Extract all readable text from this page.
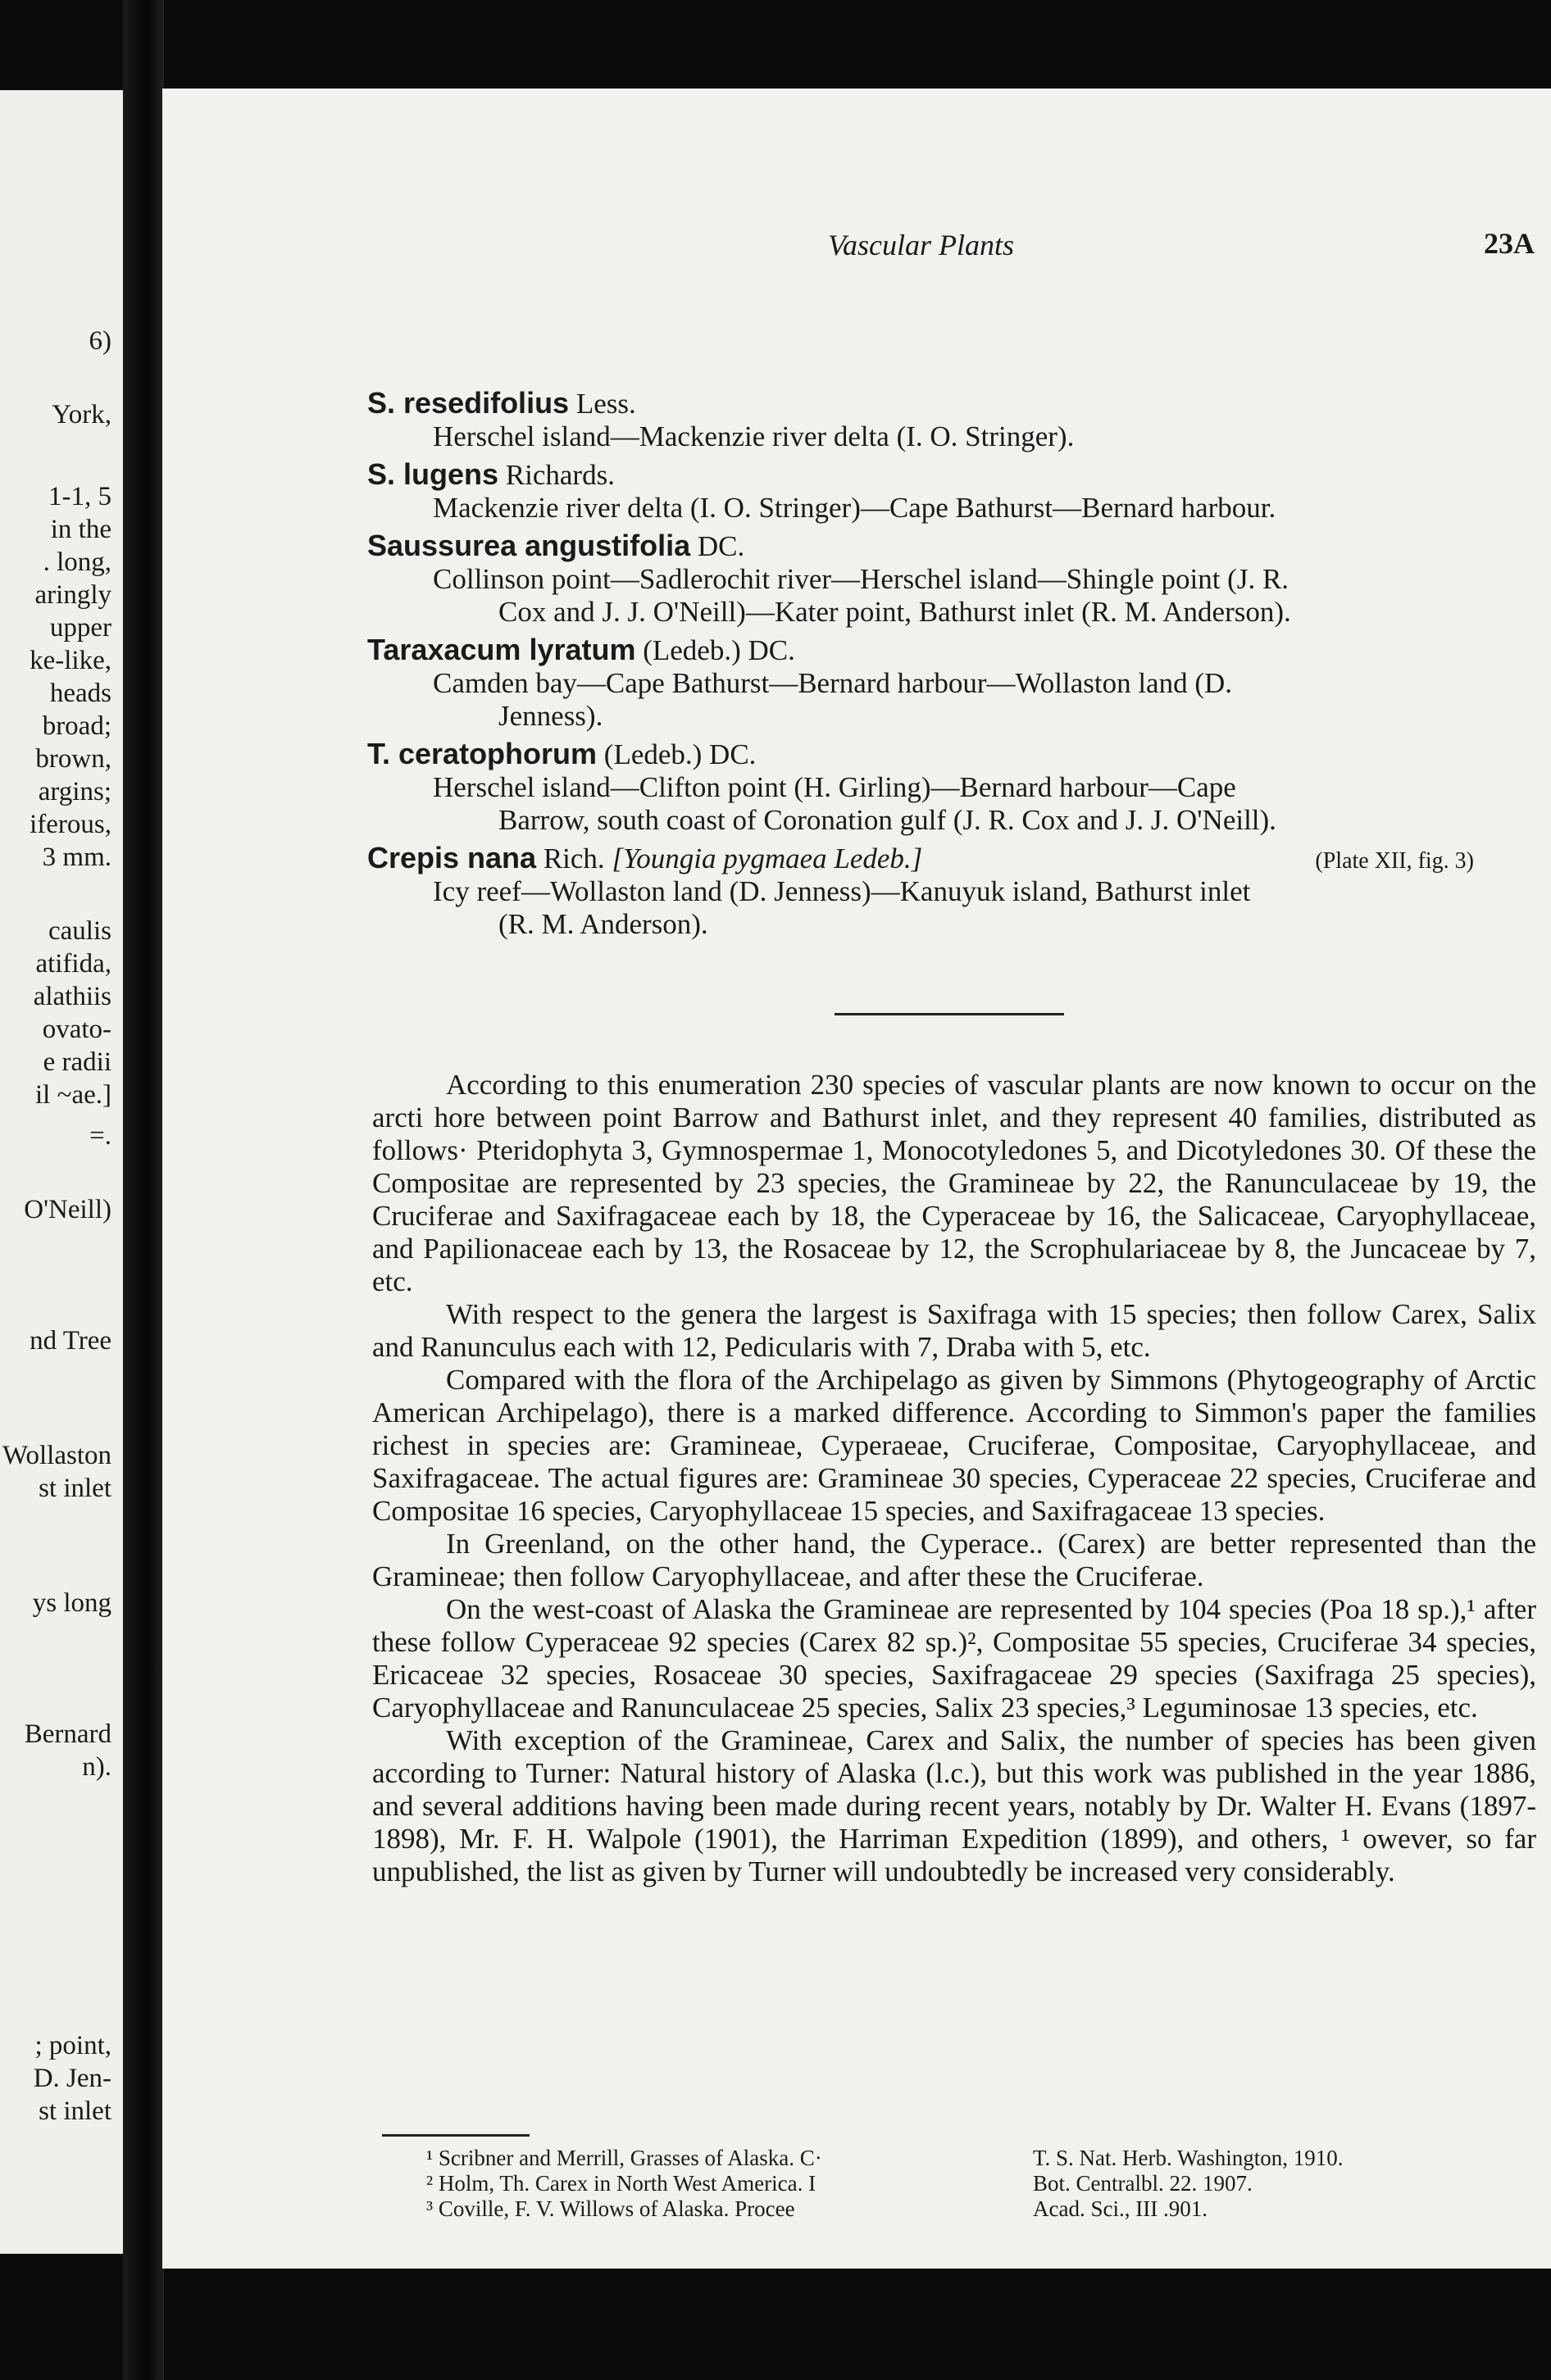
6)
York,
1-1, 5
in the
. long,
aringly
upper
ke-like,
heads
broad;
brown,
argins;
iferous,
3 mm.
caulis
atifida,
alathiis
ovato-
e radii
il ~ae.]
=.
O'Neill)
nd Tree
Wollaston
st inlet
ys long
Bernard
n).
; point,
D. Jen-
st inlet
Vascular Plants	23A
S. resedifolius Less.
Herschel island—Mackenzie river delta (I. O. Stringer).
S. lugens Richards.
Mackenzie river delta (I. O. Stringer)—Cape Bathurst—Bernard harbour.
Saussurea angustifolia DC.
Collinson point—Sadlerochit river—Herschel island—Shingle point (J. R.
Cox and J. J. O'Neill)—Kater point, Bathurst inlet (R. M. Anderson).
Taraxacum lyratum (Ledeb.) DC.
Camden bay—Cape Bathurst—Bernard harbour—Wollaston land (D.
Jenness).
T. ceratophorum (Ledeb.) DC.
Herschel island—Clifton point (H. Girling)—Bernard harbour—Cape
Barrow, south coast of Coronation gulf (J. R. Cox and J. J. O'Neill).
(Plate XII, fig. 3)
Crepis nana Rich. [Youngia pygmaea Ledeb.]
Icy reef—Wollaston land (D. Jenness)—Kanuyuk island, Bathurst inlet
(R. M. Anderson).

According to this enumeration 230 species of vascular plants are now known to occur on the arcti hore between point Barrow and Bathurst inlet, and they represent 40 families, distributed as follows· Pteridophyta 3, Gymnospermae 1, Monocotyledones 5, and Dicotyledones 30. Of these the Compositae are represented by 23 species, the Gramineae by 22, the Ranunculaceae by 19, the Cruciferae and Saxifragaceae each by 18, the Cyperaceae by 16, the Salicaceae, Caryophyllaceae, and Papilionaceae each by 13, the Rosaceae by 12, the Scrophulariaceae by 8, the Juncaceae by 7, etc.

With respect to the genera the largest is Saxifraga with 15 species; then follow Carex, Salix and Ranunculus each with 12, Pedicularis with 7, Draba with 5, etc.

Compared with the flora of the Archipelago as given by Simmons (Phytogeography of Arctic American Archipelago), there is a marked difference. According to Simmon's paper the families richest in species are: Gramineae, Cyperaeae, Cruciferae, Compositae, Caryophyllaceae, and Saxifragaceae. The actual figures are: Gramineae 30 species, Cyperaceae 22 species, Cruciferae and Compositae 16 species, Caryophyllaceae 15 species, and Saxifragaceae 13 species.

In Greenland, on the other hand, the Cyperace.. (Carex) are better represented than the Gramineae; then follow Caryophyllaceae, and after these the Cruciferae.

On the west-coast of Alaska the Gramineae are represented by 104 species (Poa 18 sp.),¹ after these follow Cyperaceae 92 species (Carex 82 sp.)², Compositae 55 species, Cruciferae 34 species, Ericaceae 32 species, Rosaceae 30 species, Saxifragaceae 29 species (Saxifraga 25 species), Caryophyllaceae and Ranunculaceae 25 species, Salix 23 species,³ Leguminosae 13 species, etc.

With exception of the Gramineae, Carex and Salix, the number of species has been given according to Turner: Natural history of Alaska (l.c.), but this work was published in the year 1886, and several additions having been made during recent years, notably by Dr. Walter H. Evans (1897-1898), Mr. F. H. Walpole (1901), the Harriman Expedition (1899), and others, ¹ owever, so far unpublished, the list as given by Turner will undoubtedly be increased very considerably.

¹ Scribner and Merrill, Grasses of Alaska. C·	T. S. Nat. Herb. Washington, 1910.
² Holm, Th. Carex in North West America. I	Bot. Centralbl. 22. 1907.
³ Coville, F. V. Willows of Alaska. Procee	Acad. Sci., III .901.
